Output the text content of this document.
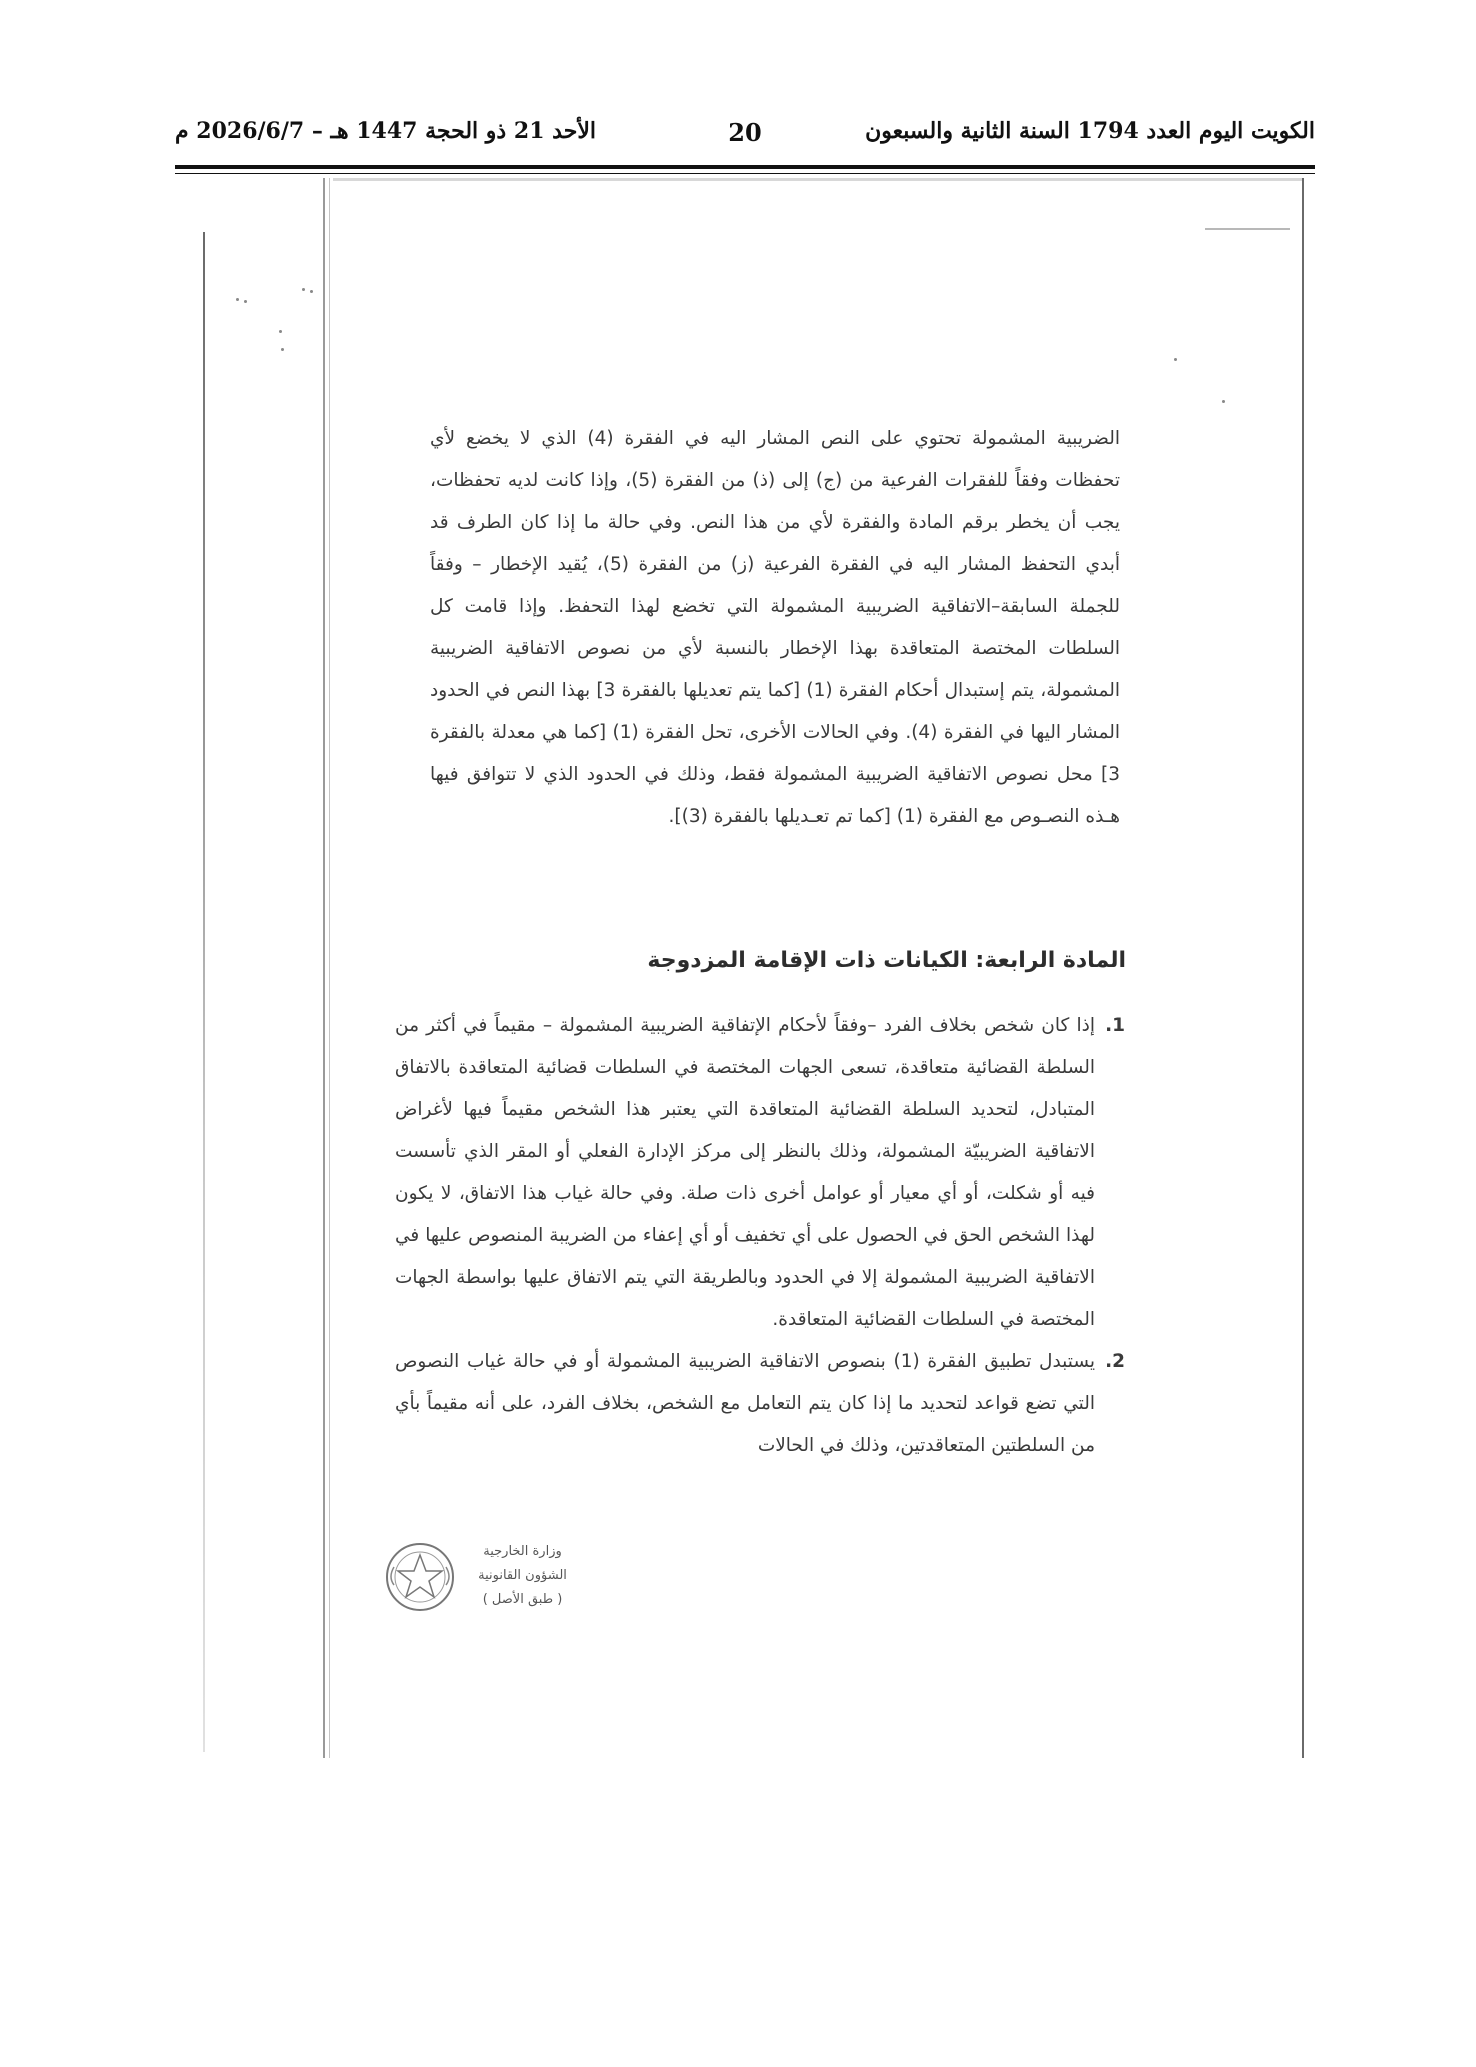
الأحد 21 ذو الحجة 1447 هـ – 2026/6/7 م	20	الكويت اليوم العدد 1794 السنة الثانية والسبعون
الضريبية المشمولة تحتوي على النص المشار اليه في الفقرة (4) الذي لا يخضع لأي تحفظات وفقاً للفقرات الفرعية من (ج) إلى (ذ) من الفقرة (5)، وإذا كانت لديه تحفظات، يجب أن يخطر برقم المادة والفقرة لأي من هذا النص. وفي حالة ما إذا كان الطرف قد أبدي التحفظ المشار اليه في الفقرة الفرعية (ز) من الفقرة (5)، يُقيد الإخطار – وفقاً للجملة السابقة–الاتفاقية الضريبية المشمولة التي تخضع لهذا التحفظ. وإذا قامت كل السلطات المختصة المتعاقدة بهذا الإخطار بالنسبة لأي من نصوص الاتفاقية الضريبية المشمولة، يتم إستبدال أحكام الفقرة (1) [كما يتم تعديلها بالفقرة 3] بهذا النص في الحدود المشار اليها في الفقرة (4). وفي الحالات الأخرى، تحل الفقرة (1) [كما هي معدلة بالفقرة 3] محل نصوص الاتفاقية الضريبية المشمولة فقط، وذلك في الحدود الذي لا تتوافق فيها هـذه النصـوص مع الفقرة (1) [كما تم تعـديلها بالفقرة (3)].
المادة الرابعة: الكيانات ذات الإقامة المزدوجة
1.
إذا كان شخص بخلاف الفرد –وفقاً لأحكام الإتفاقية الضريبية المشمولة – مقيماً في أكثر من السلطة القضائية متعاقدة، تسعى الجهات المختصة في السلطات قضائية المتعاقدة بالاتفاق المتبادل، لتحديد السلطة القضائية المتعاقدة التي يعتبر هذا الشخص مقيماً فيها لأغراض الاتفاقية الضريبيّة المشمولة، وذلك بالنظر إلى مركز الإدارة الفعلي أو المقر الذي تأسست فيه أو شكلت، أو أي معيار أو عوامل أخرى ذات صلة. وفي حالة غياب هذا الاتفاق، لا يكون لهذا الشخص الحق في الحصول على أي تخفيف أو أي إعفاء من الضريبة المنصوص عليها في الاتفاقية الضريبية المشمولة إلا في الحدود وبالطريقة التي يتم الاتفاق عليها بواسطة الجهات المختصة في السلطات القضائية المتعاقدة.
2.
يستبدل تطبيق الفقرة (1) بنصوص الاتفاقية الضريبية المشمولة أو في حالة غياب النصوص التي تضع قواعد لتحديد ما إذا كان يتم التعامل مع الشخص، بخلاف الفرد، على أنه مقيماً بأي من السلطتين المتعاقدتين، وذلك في الحالات
وزارة الخارجية
الشؤون القانونية
( طبق الأصل )
